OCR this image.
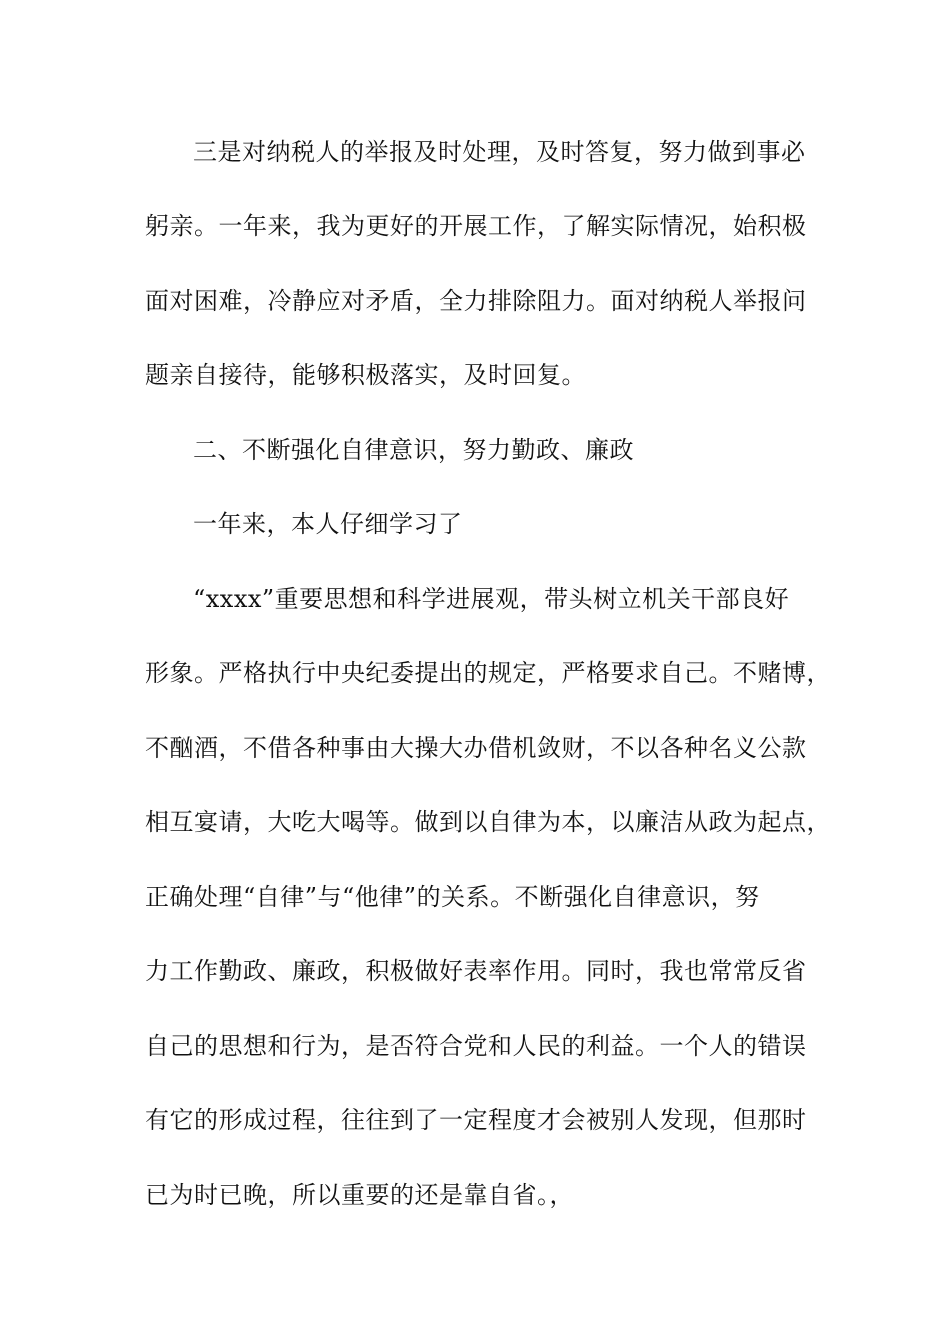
三是对纳税人的举报及时处理，及时答复，努力做到事必
躬亲。一年来，我为更好的开展工作，了解实际情况，始积极
面对困难，冷静应对矛盾，全力排除阻力。面对纳税人举报问
题亲自接待，能够积极落实，及时回复。
二、不断强化自律意识，努力勤政、廉政
一年来，本人仔细学习了
“xxxx”重要思想和科学进展观，带头树立机关干部良好
形象。严格执行中央纪委提出的规定，严格要求自己。不赌博，
不酗酒，不借各种事由大操大办借机敛财，不以各种名义公款
相互宴请，大吃大喝等。做到以自律为本，以廉洁从政为起点，
正确处理“自律”与“他律”的关系。不断强化自律意识，努
力工作勤政、廉政，积极做好表率作用。同时，我也常常反省
自己的思想和行为，是否符合党和人民的利益。一个人的错误
有它的形成过程，往往到了一定程度才会被别人发现，但那时
已为时已晚，所以重要的还是靠自省。，
